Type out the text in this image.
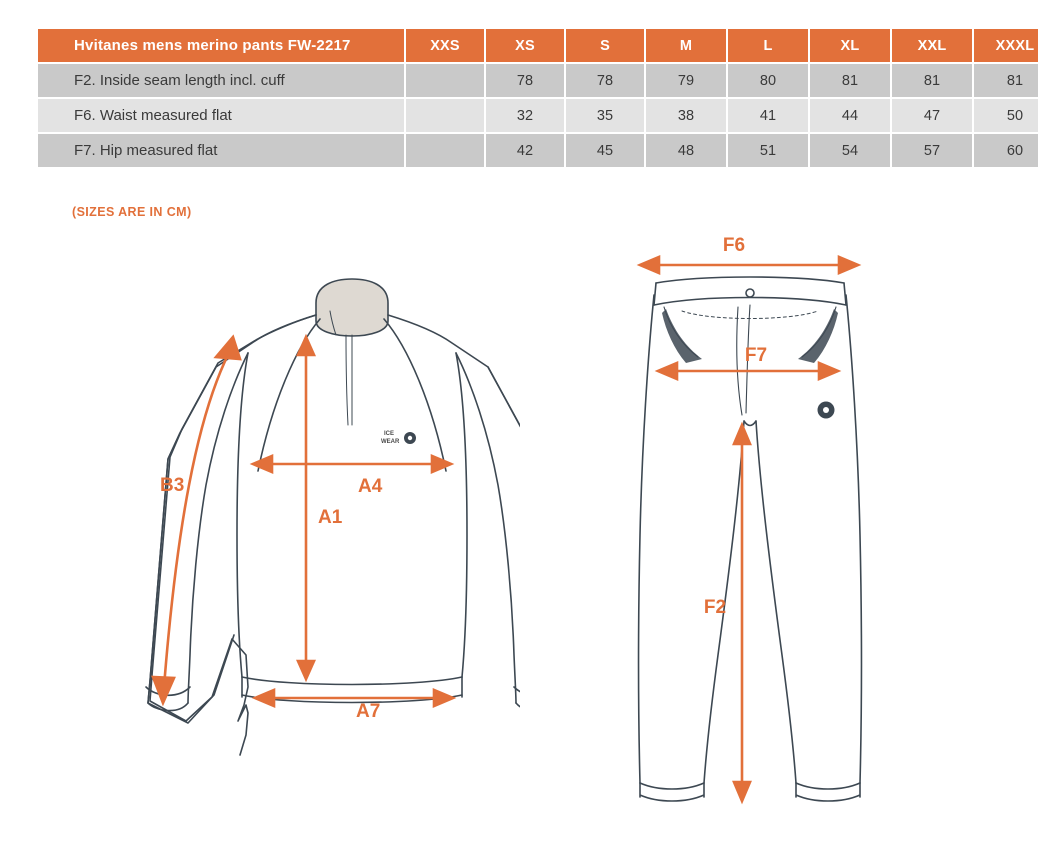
Hvitanes mens merino pants FW-2217	XXS	XS	S	M	L	XL	XXL	XXXL
F2. Inside seam length incl. cuff		78	78	79	80	81	81	81
F6. Waist measured flat		32	35	38	41	44	47	50
F7. Hip measured flat		42	45	48	51	54	57	60
(SIZES ARE IN CM)
ICE
WEAR
B3	A4
A1
A7
F6
F7
F2
